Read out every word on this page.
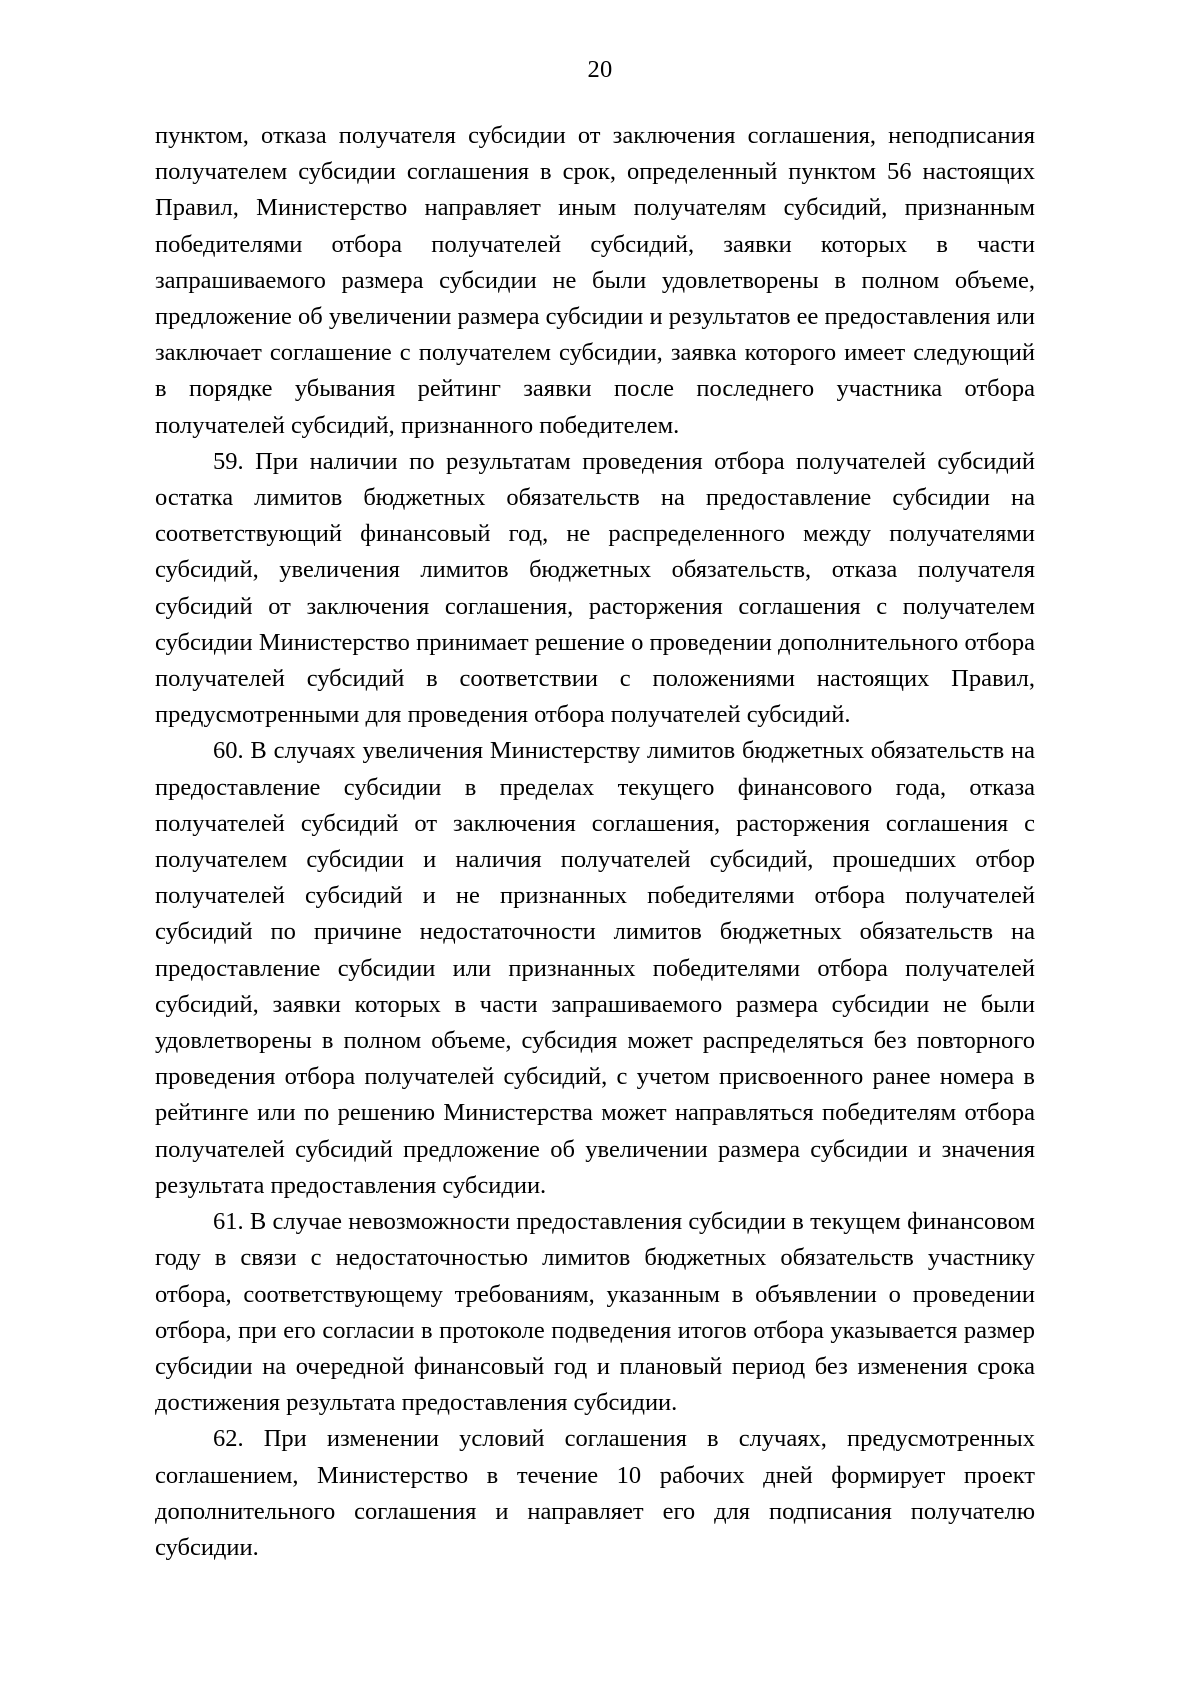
20

пунктом, отказа получателя субсидии от заключения соглашения, неподписания получателем субсидии соглашения в срок, определенный пунктом 56 настоящих Правил, Министерство направляет иным получателям субсидий, признанным победителями отбора получателей субсидий, заявки которых в части запрашиваемого размера субсидии не были удовлетворены в полном объеме, предложение об увеличении размера субсидии и результатов ее предоставления или заключает соглашение с получателем субсидии, заявка которого имеет следующий в порядке убывания рейтинг заявки после последнего участника отбора получателей субсидий, признанного победителем.

59. При наличии по результатам проведения отбора получателей субсидий остатка лимитов бюджетных обязательств на предоставление субсидии на соответствующий финансовый год, не распределенного между получателями субсидий, увеличения лимитов бюджетных обязательств, отказа получателя субсидий от заключения соглашения, расторжения соглашения с получателем субсидии Министерство принимает решение о проведении дополнительного отбора получателей субсидий в соответствии с положениями настоящих Правил, предусмотренными для проведения отбора получателей субсидий.

60. В случаях увеличения Министерству лимитов бюджетных обязательств на предоставление субсидии в пределах текущего финансового года, отказа получателей субсидий от заключения соглашения, расторжения соглашения с получателем субсидии и наличия получателей субсидий, прошедших отбор получателей субсидий и не признанных победителями отбора получателей субсидий по причине недостаточности лимитов бюджетных обязательств на предоставление субсидии или признанных победителями отбора получателей субсидий, заявки которых в части запрашиваемого размера субсидии не были удовлетворены в полном объеме, субсидия может распределяться без повторного проведения отбора получателей субсидий, с учетом присвоенного ранее номера в рейтинге или по решению Министерства может направляться победителям отбора получателей субсидий предложение об увеличении размера субсидии и значения результата предоставления субсидии.

61. В случае невозможности предоставления субсидии в текущем финансовом году в связи с недостаточностью лимитов бюджетных обязательств участнику отбора, соответствующему требованиям, указанным в объявлении о проведении отбора, при его согласии в протоколе подведения итогов отбора указывается размер субсидии на очередной финансовый год и плановый период без изменения срока достижения результата предоставления субсидии.

62. При изменении условий соглашения в случаях, предусмотренных соглашением, Министерство в течение 10 рабочих дней формирует проект дополнительного соглашения и направляет его для подписания получателю субсидии.
